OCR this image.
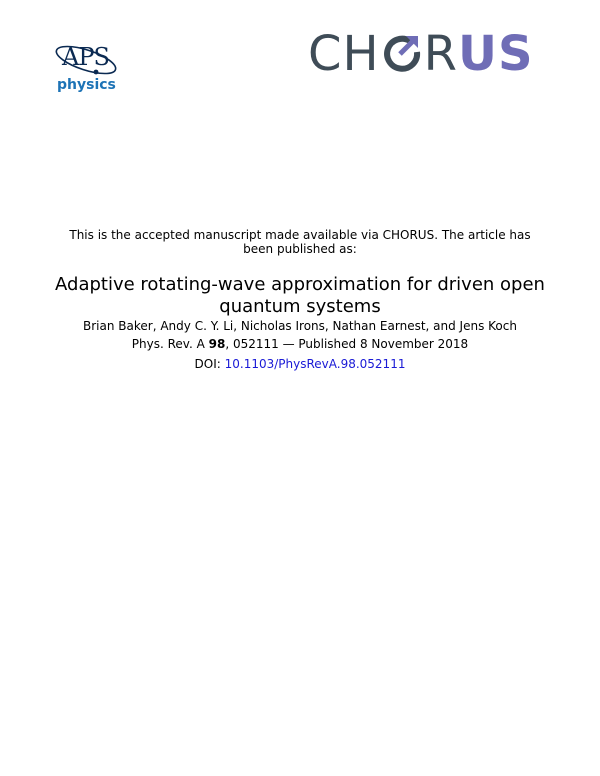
APS
physics
CH R US
This is the accepted manuscript made available via CHORUS. The article has been published as:
Adaptive rotating-wave approximation for driven open quantum systems
Brian Baker, Andy C. Y. Li, Nicholas Irons, Nathan Earnest, and Jens Koch
Phys. Rev. A 98, 052111 — Published 8 November 2018
DOI: 10.1103/PhysRevA.98.052111
